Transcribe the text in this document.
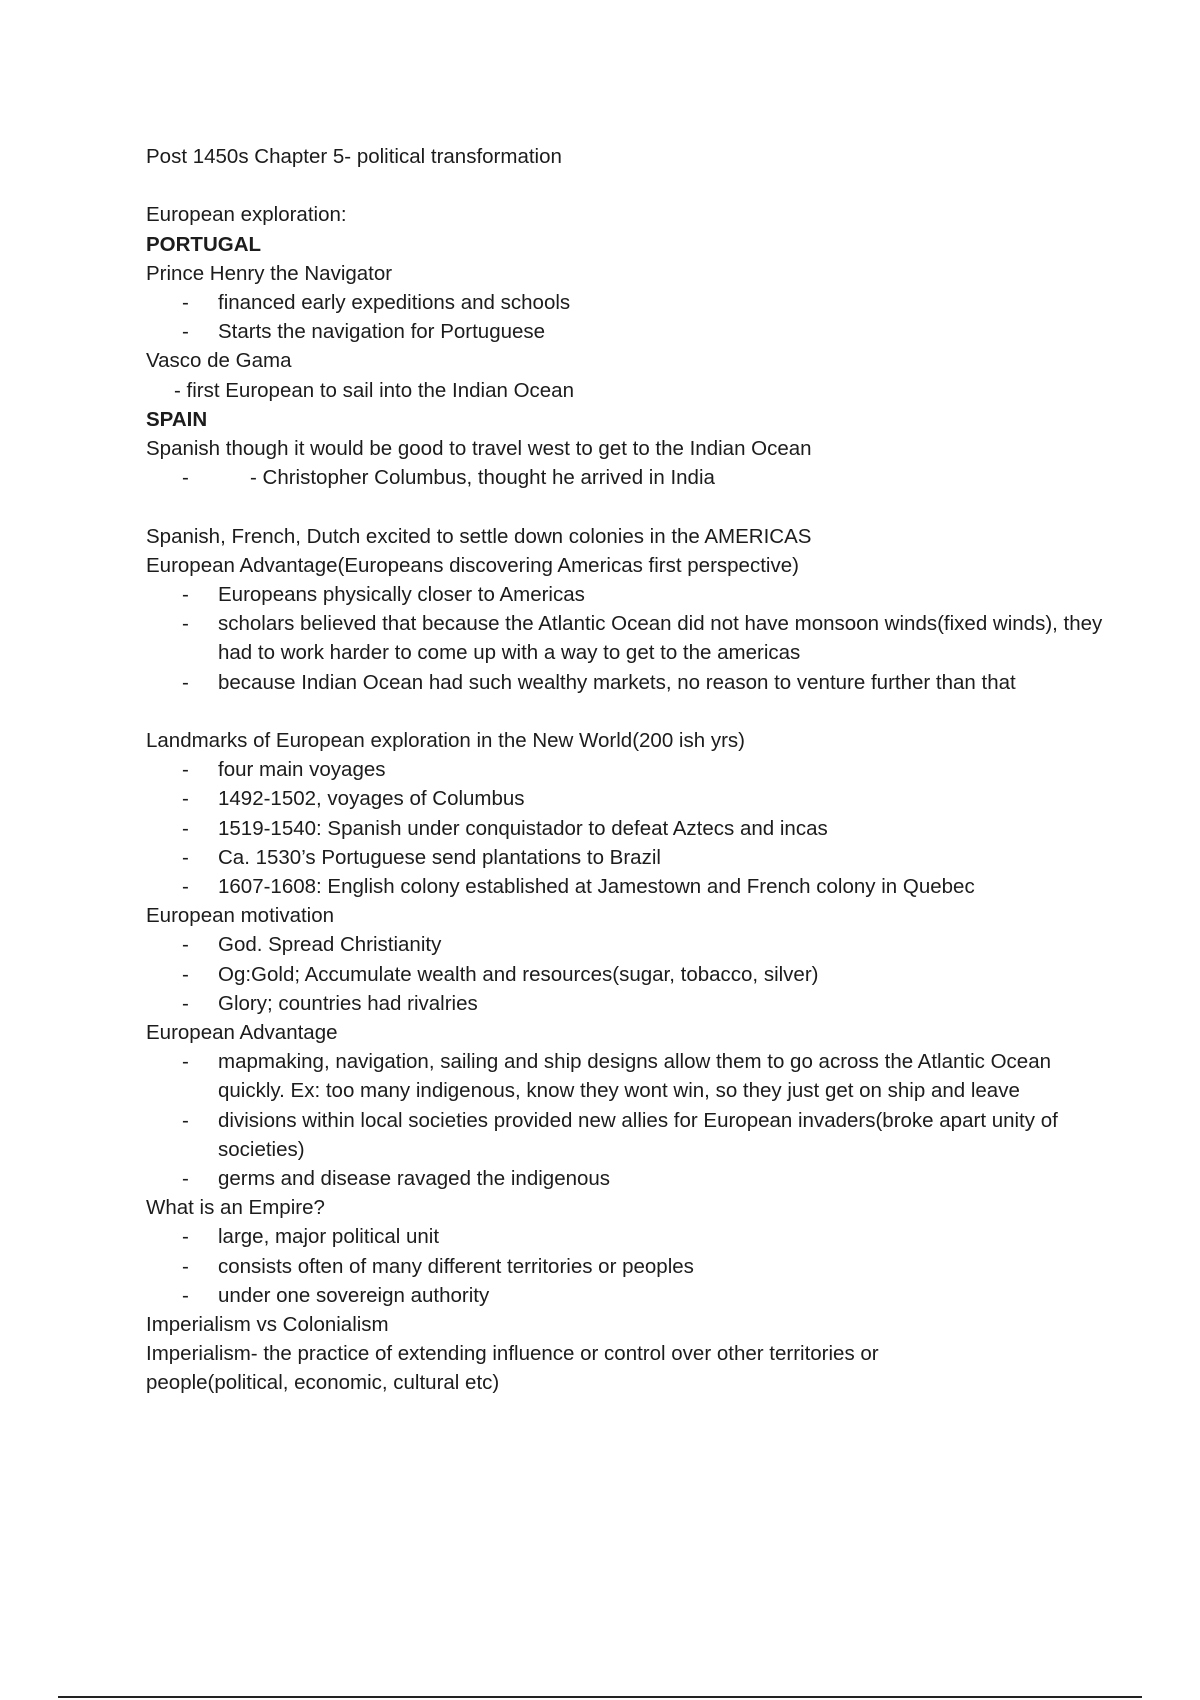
Post 1450s Chapter 5- political transformation
European exploration:
PORTUGAL
Prince Henry the Navigator
- financed early expeditions and schools
- Starts the navigation for Portuguese
Vasco de Gama
- first European to sail into the Indian Ocean
SPAIN
Spanish though it would be good to travel west to get to the Indian Ocean
- - Christopher Columbus, thought he arrived in India
Spanish, French, Dutch excited to settle down colonies in the AMERICAS
European Advantage(Europeans discovering Americas first perspective)
- Europeans physically closer to Americas
- scholars believed that because the Atlantic Ocean did not have monsoon winds(fixed winds), they had to work harder to come up with a way to get to the americas
- because Indian Ocean had such wealthy markets, no reason to venture further than that
Landmarks of European exploration in the New World(200 ish yrs)
- four main voyages
- 1492-1502, voyages of Columbus
- 1519-1540: Spanish under conquistador to defeat Aztecs and incas
- Ca. 1530’s Portuguese send plantations to Brazil
- 1607-1608: English colony established at Jamestown and French colony in Quebec
European motivation
- God. Spread Christianity
- Og:Gold; Accumulate wealth and resources(sugar, tobacco, silver)
- Glory; countries had rivalries
European Advantage
- mapmaking, navigation, sailing and ship designs allow them to go across the Atlantic Ocean quickly. Ex: too many indigenous, know they wont win, so they just get on ship and leave
- divisions within local societies provided new allies for European invaders(broke apart unity of societies)
- germs and disease ravaged the indigenous
What is an Empire?
- large, major political unit
- consists often of many different territories or peoples
- under one sovereign authority
Imperialism vs Colonialism
Imperialism- the practice of extending influence or control over other territories or people(political, economic, cultural etc)
